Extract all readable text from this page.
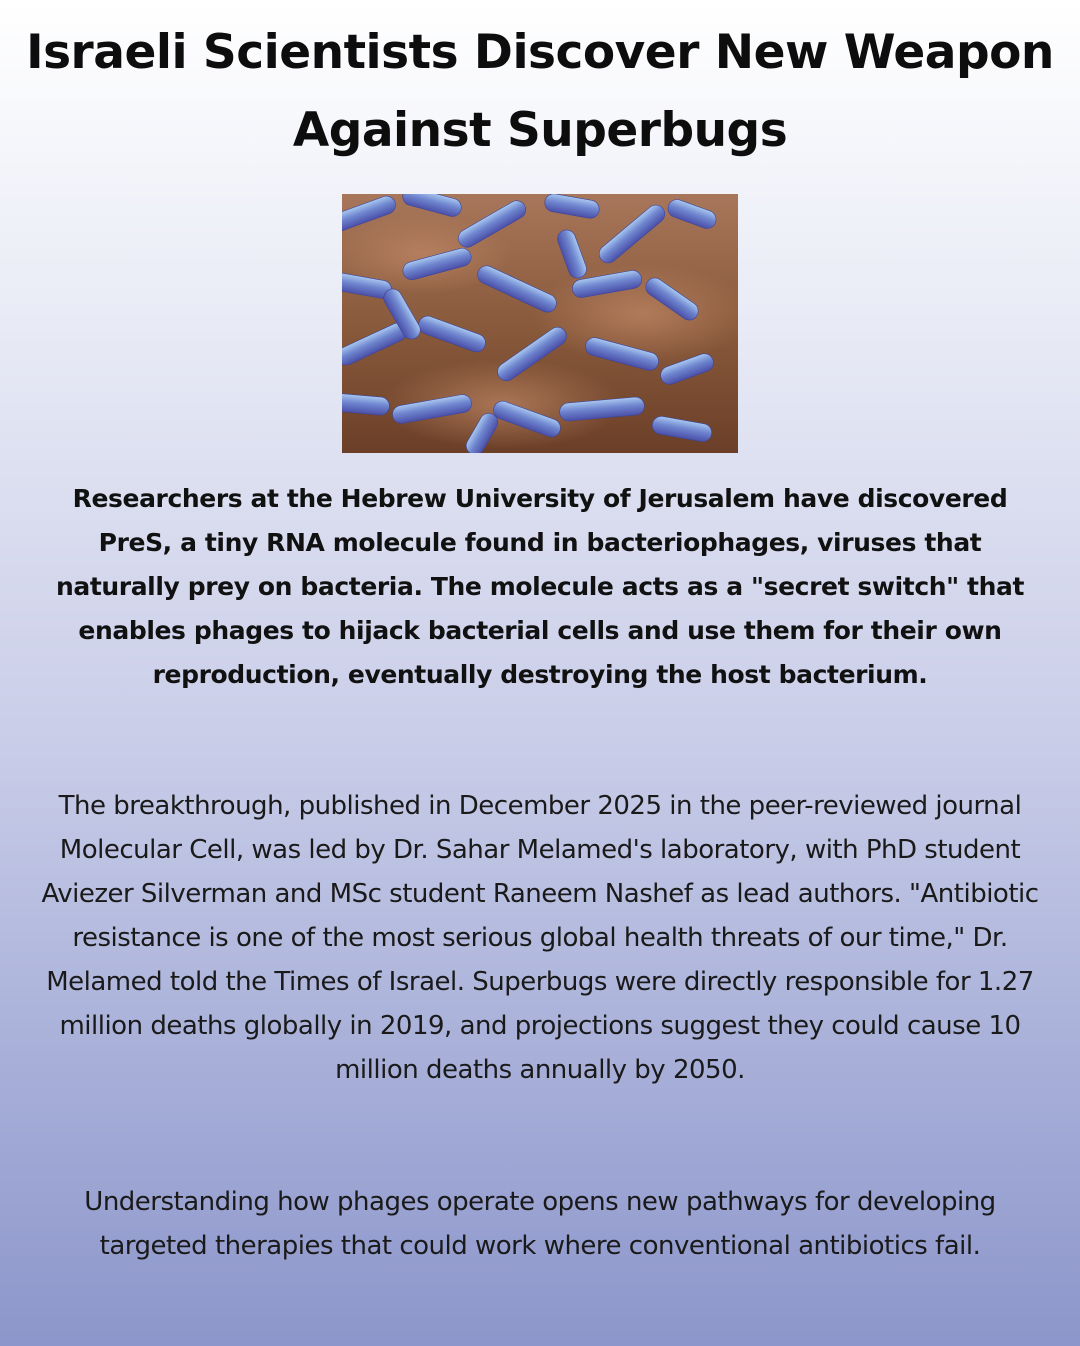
Israeli Scientists Discover New Weapon Against Superbugs

Researchers at the Hebrew University of Jerusalem have discovered PreS, a tiny RNA molecule found in bacteriophages, viruses that naturally prey on bacteria. The molecule acts as a "secret switch" that enables phages to hijack bacterial cells and use them for their own reproduction, eventually destroying the host bacterium.

The breakthrough, published in December 2025 in the peer-reviewed journal Molecular Cell, was led by Dr. Sahar Melamed's laboratory, with PhD student Aviezer Silverman and MSc student Raneem Nashef as lead authors. "Antibiotic resistance is one of the most serious global health threats of our time," Dr. Melamed told the Times of Israel. Superbugs were directly responsible for 1.27 million deaths globally in 2019, and projections suggest they could cause 10 million deaths annually by 2050.

Understanding how phages operate opens new pathways for developing targeted therapies that could work where conventional antibiotics fail.
